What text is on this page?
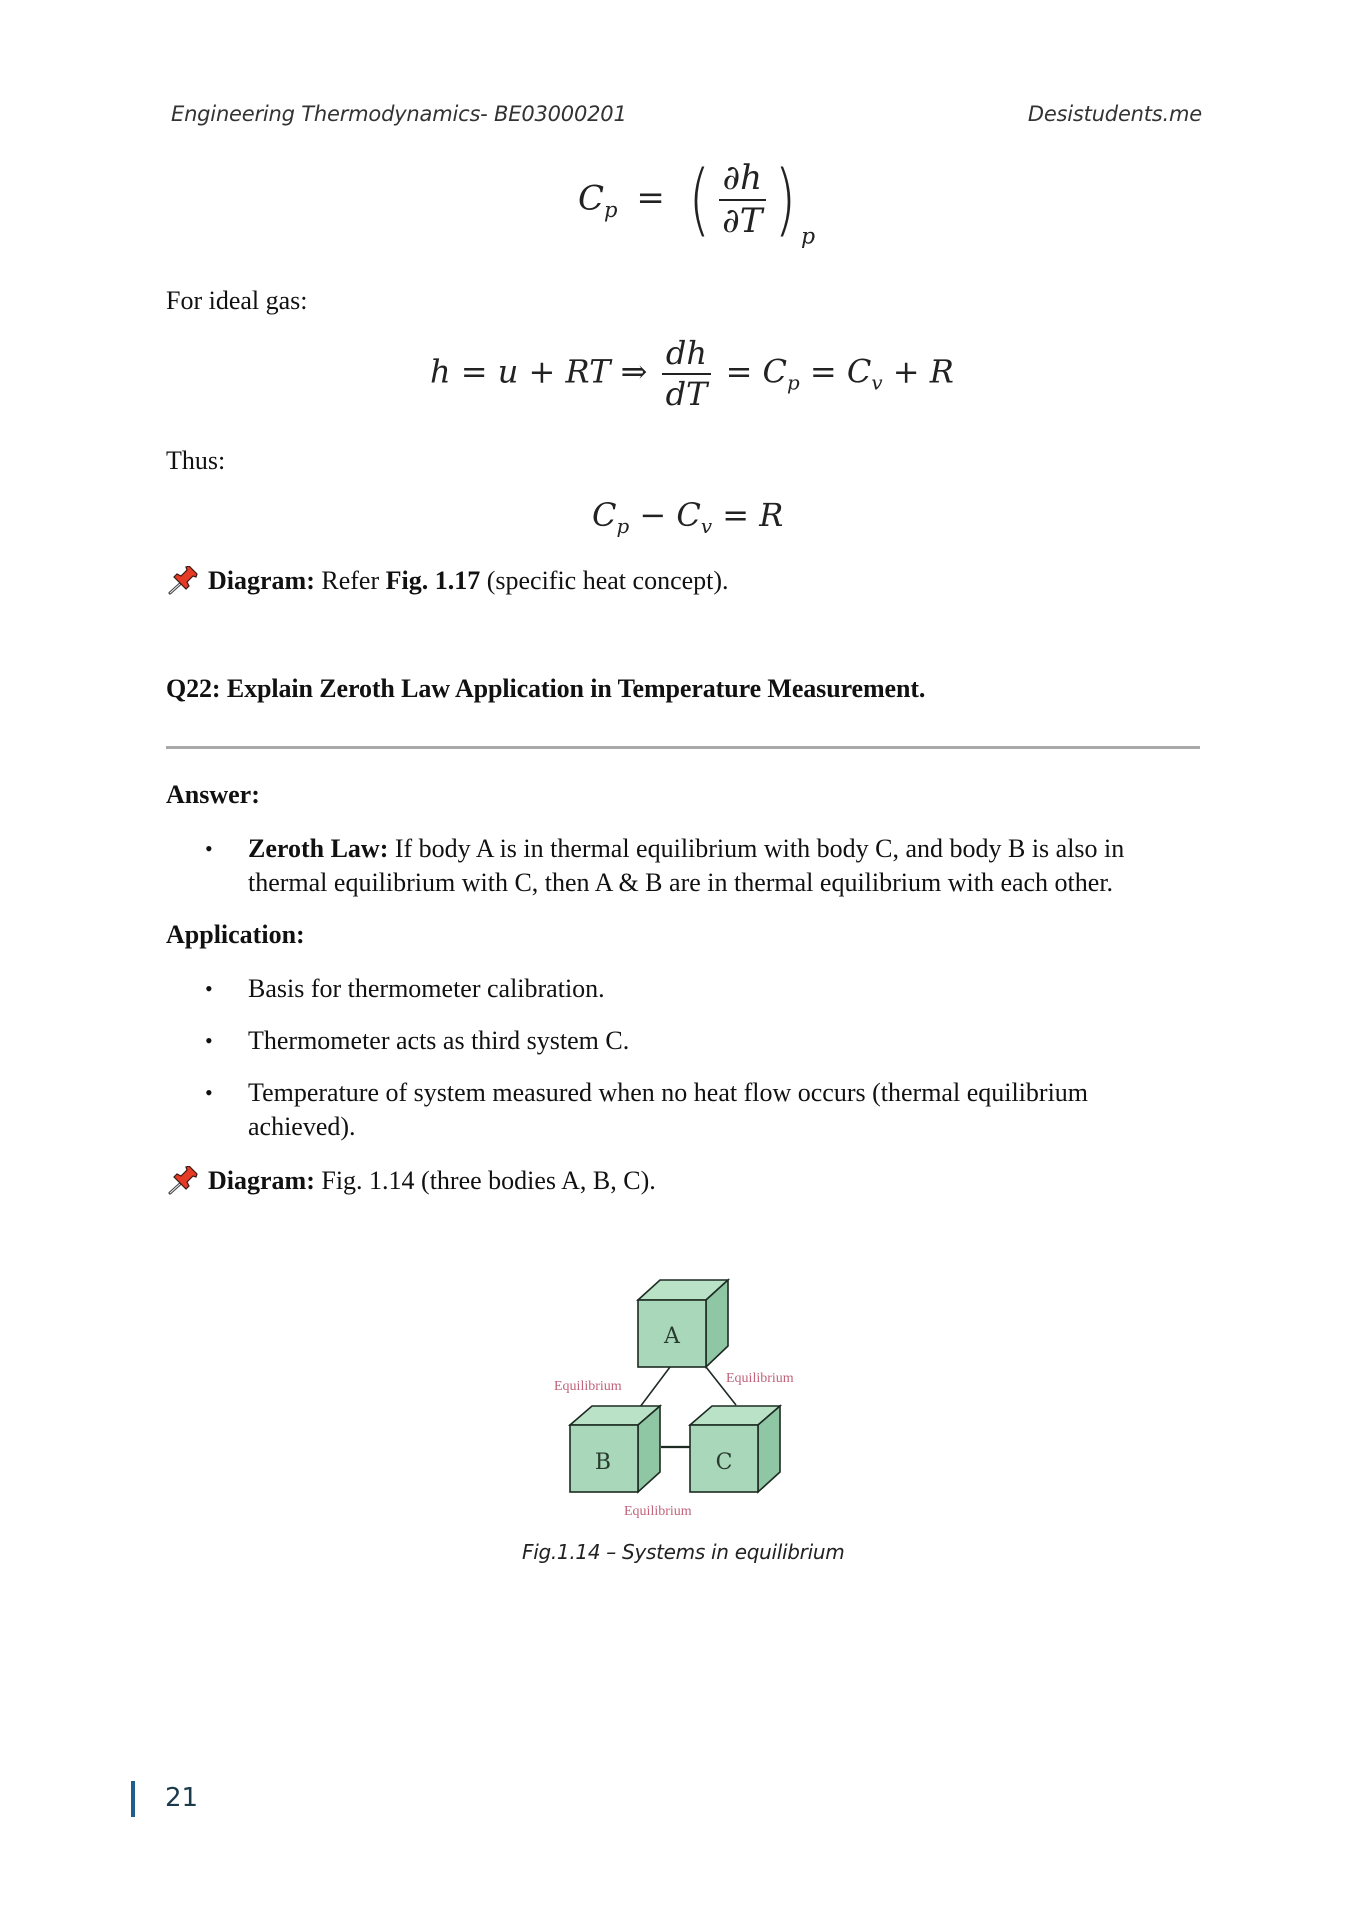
Engineering Thermodynamics- BE03000201	Desistudents.me
$C_p$ = ( $\frac{\partial h}{\partial T}$ ) $_p$
For ideal gas:
h = u + RT ⇒ $\frac{dh}{dT} = C_p = C_v + R$
Thus:
$C_p - C_v = R$
Diagram: Refer Fig. 1.17 (specific heat concept).
Q22: Explain Zeroth Law Application in Temperature Measurement.
Answer:
• Zeroth Law: If body A is in thermal equilibrium with body C, and body B is also in
thermal equilibrium with C, then A & B are in thermal equilibrium with each other.
Application:
• Basis for thermometer calibration.
• Thermometer acts as third system C.
• Temperature of system measured when no heat flow occurs (thermal equilibrium
achieved).
Diagram: Fig. 1.14 (three bodies A, B, C).
A
B	C
Equilibrium
Equilibrium
Equilibrium
Fig.1.14 – Systems in equilibrium
21
